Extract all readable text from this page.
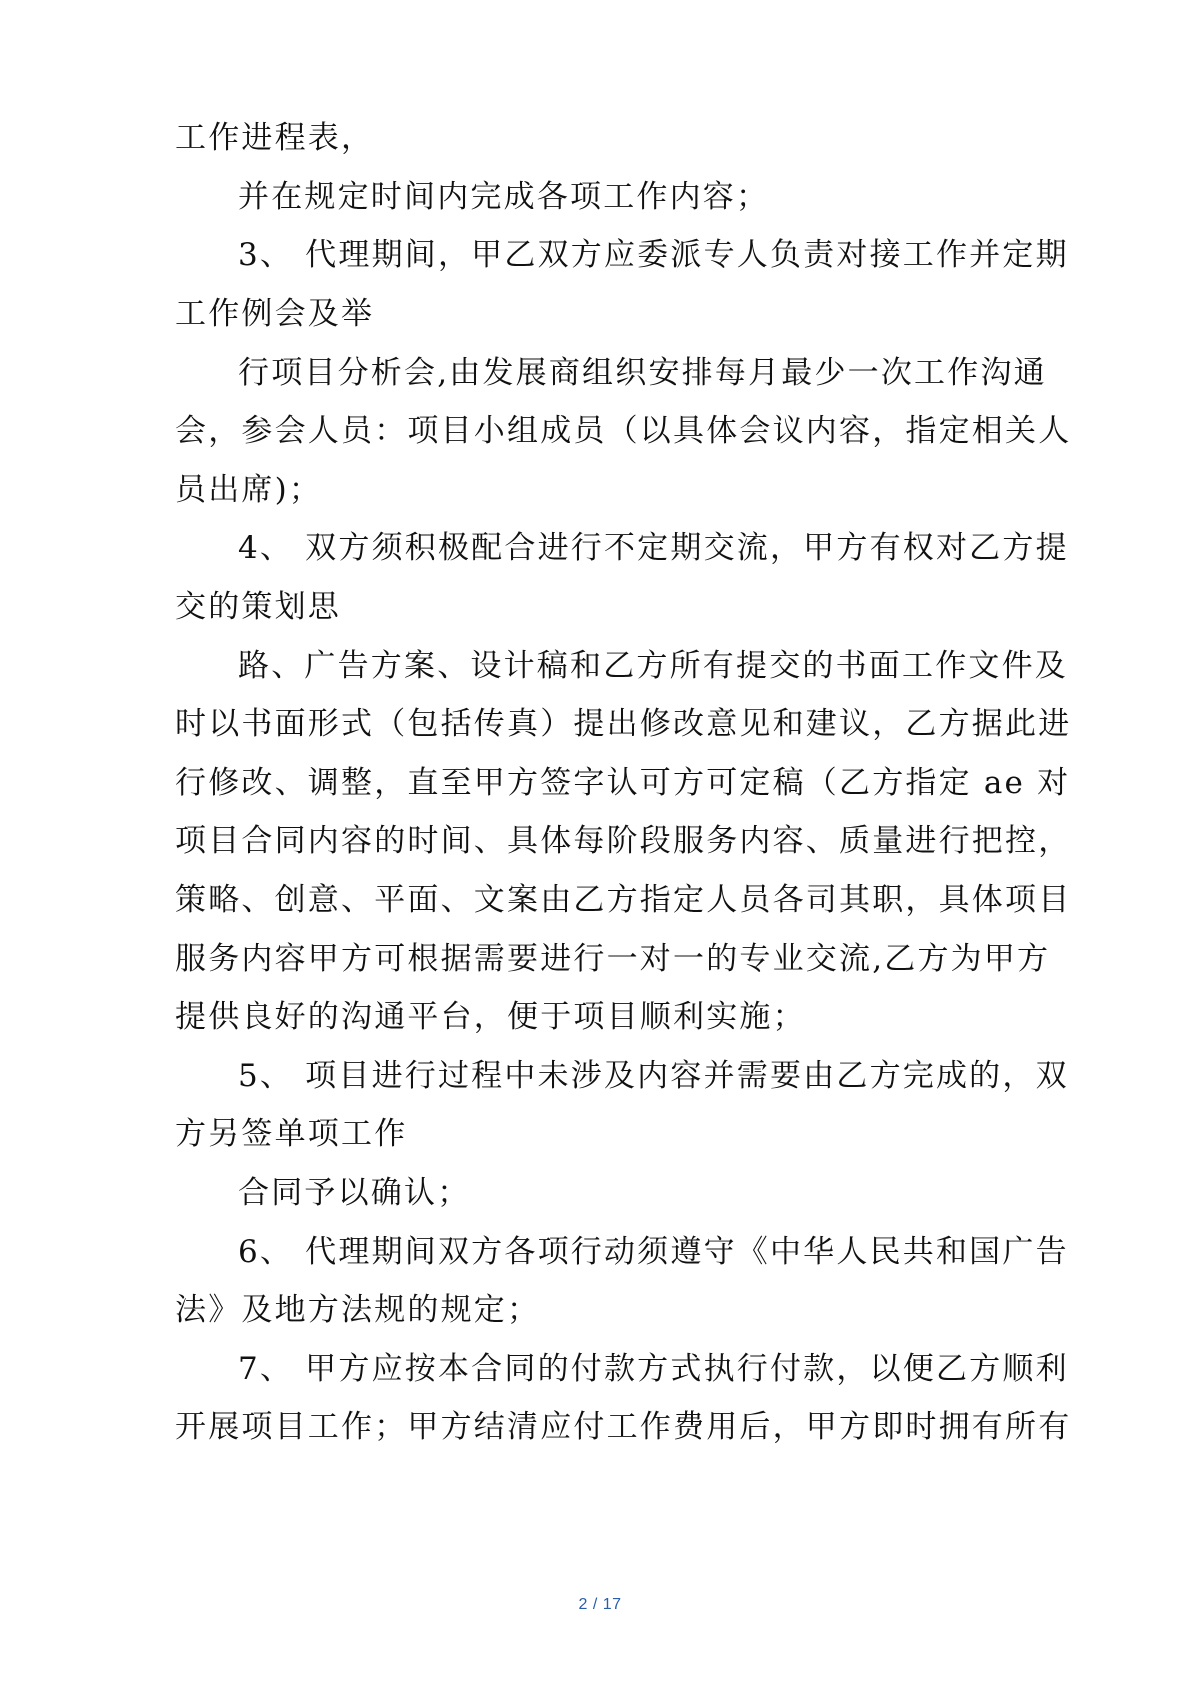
工作进程表，
并在规定时间内完成各项工作内容；
3、 代理期间，甲乙双方应委派专人负责对接工作并定期
工作例会及举
行项目分析会,由发展商组织安排每月最少一次工作沟通
会，参会人员：项目小组成员（以具体会议内容，指定相关人
员出席)；
4、 双方须积极配合进行不定期交流，甲方有权对乙方提
交的策划思
路、广告方案、设计稿和乙方所有提交的书面工作文件及
时以书面形式（包括传真）提出修改意见和建议，乙方据此进
行修改、调整，直至甲方签字认可方可定稿（乙方指定 ae 对
项目合同内容的时间、具体每阶段服务内容、质量进行把控，
策略、创意、平面、文案由乙方指定人员各司其职，具体项目
服务内容甲方可根据需要进行一对一的专业交流,乙方为甲方
提供良好的沟通平台，便于项目顺利实施；
5、 项目进行过程中未涉及内容并需要由乙方完成的，双
方另签单项工作
合同予以确认；
6、 代理期间双方各项行动须遵守《中华人民共和国广告
法》及地方法规的规定；
7、 甲方应按本合同的付款方式执行付款，以便乙方顺利
开展项目工作；甲方结清应付工作费用后，甲方即时拥有所有
2 / 17
